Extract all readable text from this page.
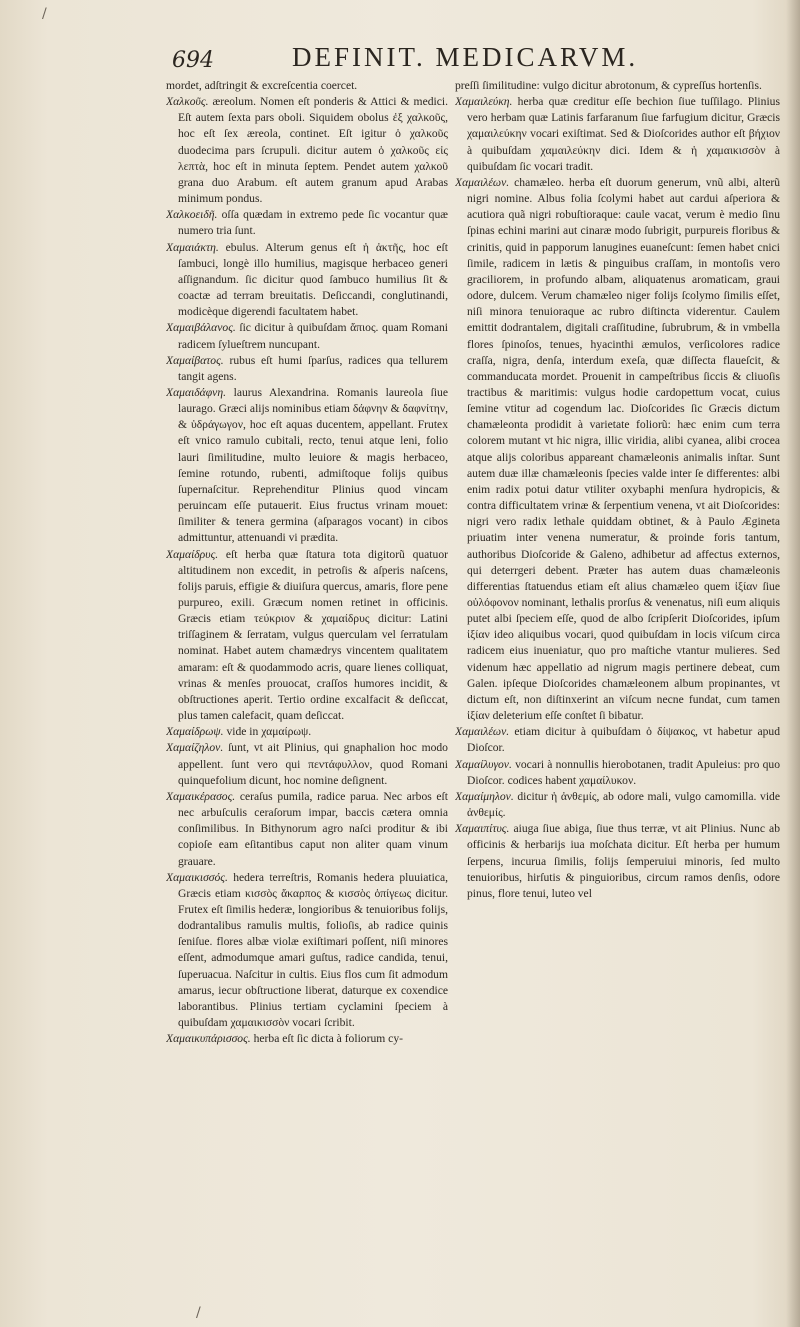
/
694	DEFINIT. MEDICARVM.

mordet, adſtringit & excreſcentia coercet.

Χαλκοῦς. æreolum. Nomen eſt ponderis & Attici & medici. Eſt autem ſexta pars oboli. Siquidem obolus ἐξ χαλκοῦς, hoc eſt ſex æreola, continet. Eſt igitur ὁ χαλκοῦς duodecima pars ſcrupuli. dicitur autem ὁ χαλκοῦς εἰς λεπτὰ, hoc eſt in minuta ſeptem. Pendet autem χαλκοῦ grana duo Arabum. eſt autem granum apud Arabas minimum pondus.

Χαλκοειδῆ. oſſa quædam in extremo pede ſic vocantur quæ numero tria ſunt.

Χαμαιάκτη. ebulus. Alterum genus eſt ἡ ἀκτῆς, hoc eſt ſambuci, longè illo humilius, magisque herbaceo generi aſſignandum. ſic dicitur quod ſambuco humilius ſit & coactæ ad terram breuitatis. Deſiccandi, conglutinandi, modicèque digerendi facultatem habet.

Χαμαιβάλανος. ſic dicitur à quibuſdam ἄπιος. quam Romani radicem ſylueſtrem nuncupant.

Χαμαίβατος. rubus eſt humi ſparſus, radices qua tellurem tangit agens.

Χαμαιδάφνη. laurus Alexandrina. Romanis laureola ſiue laurago. Græci alijs nominibus etiam δάφνην & δαφνίτην, & ὑδράγωγον, hoc eſt aquas ducentem, appellant. Frutex eſt vnico ramulo cubitali, recto, tenui atque leni, folio lauri ſimilitudine, multo leuiore & magis herbaceo, ſemine rotundo, rubenti, admiſtoque folijs quibus ſupernaſcitur. Reprehenditur Plinius quod vincam peruincam eſſe putauerit. Eius fructus vrinam mouet: ſimiliter & tenera germina (aſparagos vocant) in cibos admittuntur, attenuandi vi prædita.

Χαμαίδρυς. eſt herba quæ ſtatura tota digitorũ quatuor altitudinem non excedit, in petroſis & aſperis naſcens, folijs paruis, effigie & diuiſura quercus, amaris, flore pene purpureo, exili. Græcum nomen retinet in officinis. Græcis etiam τεύκριον & χαμαίδρυς dicitur: Latini triſſaginem & ſerratam, vulgus querculam vel ſerratulam nominat. Habet autem chamædrys vincentem qualitatem amaram: eſt & quodammodo acris, quare lienes colliquat, vrinas & menſes prouocat, craſſos humores incidit, & obſtructiones aperit. Tertio ordine excalfacit & deſiccat, plus tamen calefacit, quam deſiccat.

Χαμαίδρωψ. vide in χαμαίρωψ.

Χαμαίζηλον. ſunt, vt ait Plinius, qui gnaphalion hoc modo appellent. ſunt vero qui πεντάφυλλον, quod Romani quinquefolium dicunt, hoc nomine deſignent.

Χαμαικέρασος. ceraſus pumila, radice parua. Nec arbos eſt nec arbuſculis ceraſorum impar, baccis cætera omnia conſimilibus. In Bithynorum agro naſci proditur & ibi copioſe eam eſitantibus caput non aliter quam vinum grauare.

Χαμαικισσός. hedera terreſtris, Romanis hedera pluuiatica, Græcis etiam κισσὸς ἄκαρπος & κισσὸς ὀπίγεως dicitur. Frutex eſt ſimilis hederæ, longioribus & tenuioribus folijs, dodrantalibus ramulis multis, folioſis, ab radice quinis ſeniſue. flores albæ violæ exiſtimari poſſent, niſi minores eſſent, admodumque amari guſtus, radice candida, tenui, ſuperuacua. Naſcitur in cultis. Eius flos cum ſit admodum amarus, iecur obſtructione liberat, daturque ex coxendice laborantibus. Plinius tertiam cyclamini ſpeciem à quibuſdam χαμαικισσὸν vocari ſcribit.

Χαμαικυπάρισσος. herba eſt ſic dicta à foliorum cy-

preſſi ſimilitudine: vulgo dicitur abrotonum, & cypreſſus hortenſis.

Χαμαιλεύκη. herba quæ creditur eſſe bechion ſiue tuſſilago. Plinius vero herbam quæ Latinis farfaranum ſiue farfugium dicitur, Græcis χαμαιλεύκην vocari exiſtimat. Sed & Dioſcorides author eſt βήχιον à quibuſdam χαμαιλεύκην dici. Idem & ἡ χαμαικισσὸν à quibuſdam ſic vocari tradit.

Χαμαιλέων. chamæleo. herba eſt duorum generum, vnũ albi, alterũ nigri nomine. Albus folia ſcolymi habet aut cardui aſperiora & acutiora quã nigri robuſtioraque: caule vacat, verum è medio ſinu ſpinas echini marini aut cinaræ modo ſubrigit, purpureis floribus & crinitis, quid in papporum lanugines euaneſcunt: ſemen habet cnici ſimile, radicem in lætis & pinguibus craſſam, in montoſis vero graciliorem, in profundo albam, aliquatenus aromaticam, graui odore, dulcem. Verum chamæleo niger folijs ſcolymo ſimilis eſſet, niſi minora tenuioraque ac rubro diſtincta viderentur. Caulem emittit dodrantalem, digitali craſſitudine, ſubrubrum, & in vmbella flores ſpinoſos, tenues, hyacinthi æmulos, verſicolores radice craſſa, nigra, denſa, interdum exeſa, quæ diſſecta flaueſcit, & commanducata mordet. Prouenit in campeſtribus ſiccis & cliuoſis tractibus & maritimis: vulgus hodie cardopettum vocat, cuius ſemine vtitur ad cogendum lac. Dioſcorides ſic Græcis dictum chamæleonta prodidit à varietate foliorũ: hæc enim cum terra colorem mutant vt hic nigra, illic viridia, alibi cyanea, alibi crocea atque alijs coloribus appareant chamæleonis animalis inſtar. Sunt autem duæ illæ chamæleonis ſpecies valde inter ſe differentes: albi enim radix potui datur vtiliter oxybaphi menſura hydropicis, & contra difficultatem vrinæ & ſerpentium venena, vt ait Dioſcorides: nigri vero radix lethale quiddam obtinet, & à Paulo Ægineta priuatim inter venena numeratur, & proinde foris tantum, authoribus Dioſcoride & Galeno, adhibetur ad affectus externos, qui deterrgeri debent. Præter has autem duas chamæleonis differentias ſtatuendus etiam eſt alius chamæleo quem ἰξίαν ſiue οὐλόφονον nominant, lethalis prorſus & venenatus, niſi eum aliquis putet albi ſpeciem eſſe, quod de albo ſcripſerit Dioſcorides, ipſum ἰξίαν ideo aliquibus vocari, quod quibuſdam in locis viſcum circa radicem eius inueniatur, quo pro maſtiche vtantur mulieres. Sed videnum hæc appellatio ad nigrum magis pertinere debeat, cum Galen. ipſeque Dioſcorides chamæleonem album propinantes, vt dictum eſt, non diſtinxerint an viſcum necne fundat, cum tamen ἰξίαν deleterium eſſe conſtet ſi bibatur.

Χαμαιλέων. etiam dicitur à quibuſdam ὁ δίψακος, vt habetur apud Dioſcor.

Χαμαίλυγον. vocari à nonnullis hierobotanen, tradit Apuleius: pro quo Dioſcor. codices habent χαμαίλυκον.

Χαμαίμηλον. dicitur ἡ ἀνθεμίς, ab odore mali, vulgo camomilla. vide ἀνθεμίς.

Χαμαιπίτυς. aiuga ſiue abiga, ſiue thus terræ, vt ait Plinius. Nunc ab officinis & herbarijs iua moſchata dicitur. Eſt herba per humum ſerpens, incurua ſimilis, folijs ſemperuiui minoris, ſed multo tenuioribus, hirſutis & pinguioribus, circum ramos denſis, odore pinus, flore tenui, luteo vel

/
